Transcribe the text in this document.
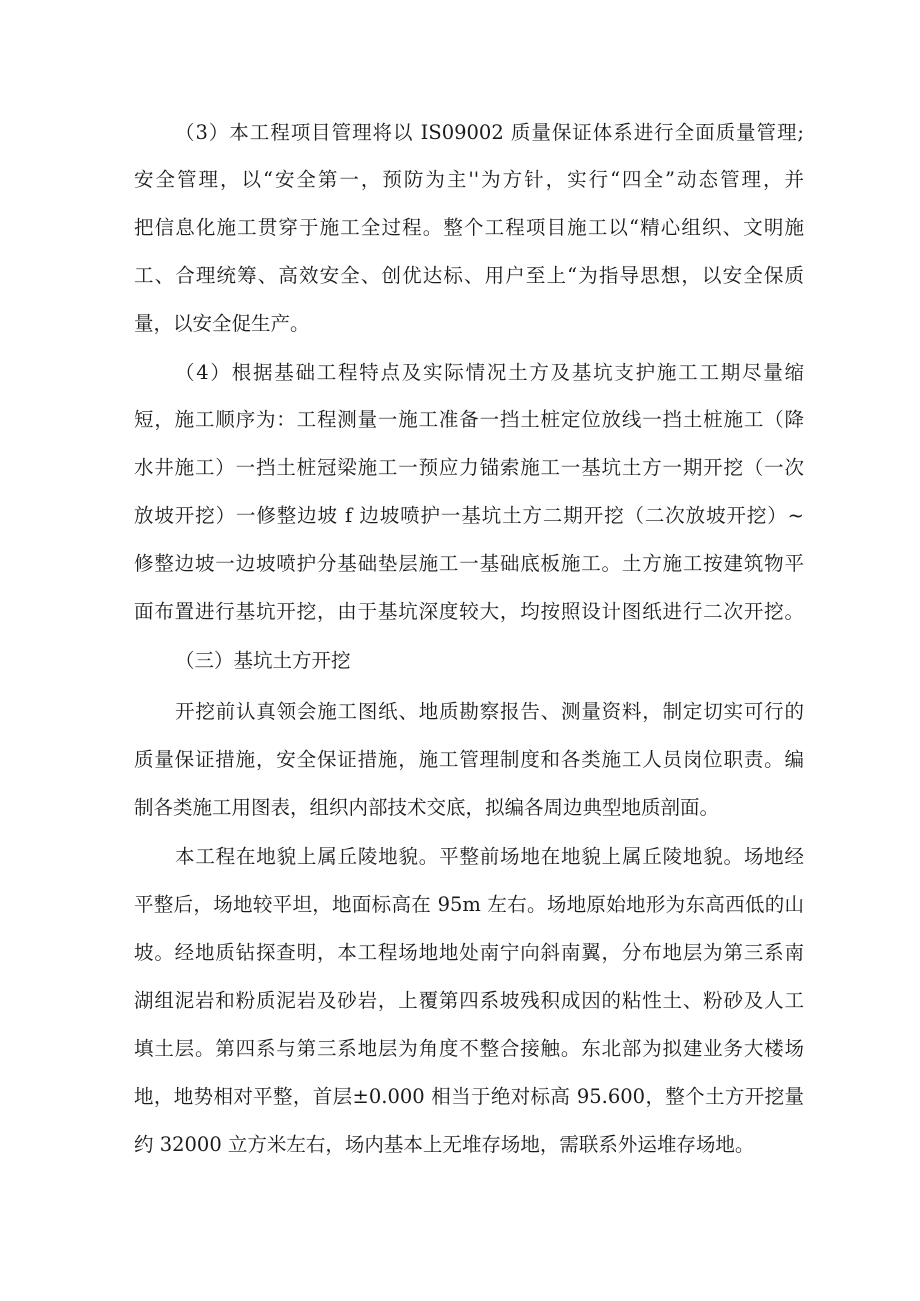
（3）本工程项目管理将以 IS09002 质量保证体系进行全面质量管理;

安全管理，以“安全第一，预防为主''为方针，实行“四全”动态管理，并

把信息化施工贯穿于施工全过程。整个工程项目施工以“精心组织、文明施

工、合理统筹、高效安全、创优达标、用户至上“为指导思想，以安全保质

量，以安全促生产。

（4）根据基础工程特点及实际情况土方及基坑支护施工工期尽量缩

短，施工顺序为：工程测量一施工准备一挡土桩定位放线一挡土桩施工（降

水井施工）一挡土桩冠梁施工一预应力锚索施工一基坑土方一期开挖（一次

放坡开挖）一修整边坡 f 边坡喷护一基坑土方二期开挖（二次放坡开挖）~

修整边坡一边坡喷护分基础垫层施工一基础底板施工。土方施工按建筑物平

面布置进行基坑开挖，由于基坑深度较大，均按照设计图纸进行二次开挖。

（三）基坑土方开挖

开挖前认真领会施工图纸、地质勘察报告、测量资料，制定切实可行的

质量保证措施，安全保证措施，施工管理制度和各类施工人员岗位职责。编

制各类施工用图表，组织内部技术交底，拟编各周边典型地质剖面。

本工程在地貌上属丘陵地貌。平整前场地在地貌上属丘陵地貌。场地经

平整后，场地较平坦，地面标高在 95m 左右。场地原始地形为东高西低的山

坡。经地质钻探查明，本工程场地地处南宁向斜南翼，分布地层为第三系南

湖组泥岩和粉质泥岩及砂岩，上覆第四系坡残积成因的粘性土、粉砂及人工

填土层。第四系与第三系地层为角度不整合接触。东北部为拟建业务大楼场

地，地势相对平整，首层±0.000 相当于绝对标高 95.600，整个土方开挖量

约 32000 立方米左右，场内基本上无堆存场地，需联系外运堆存场地。
